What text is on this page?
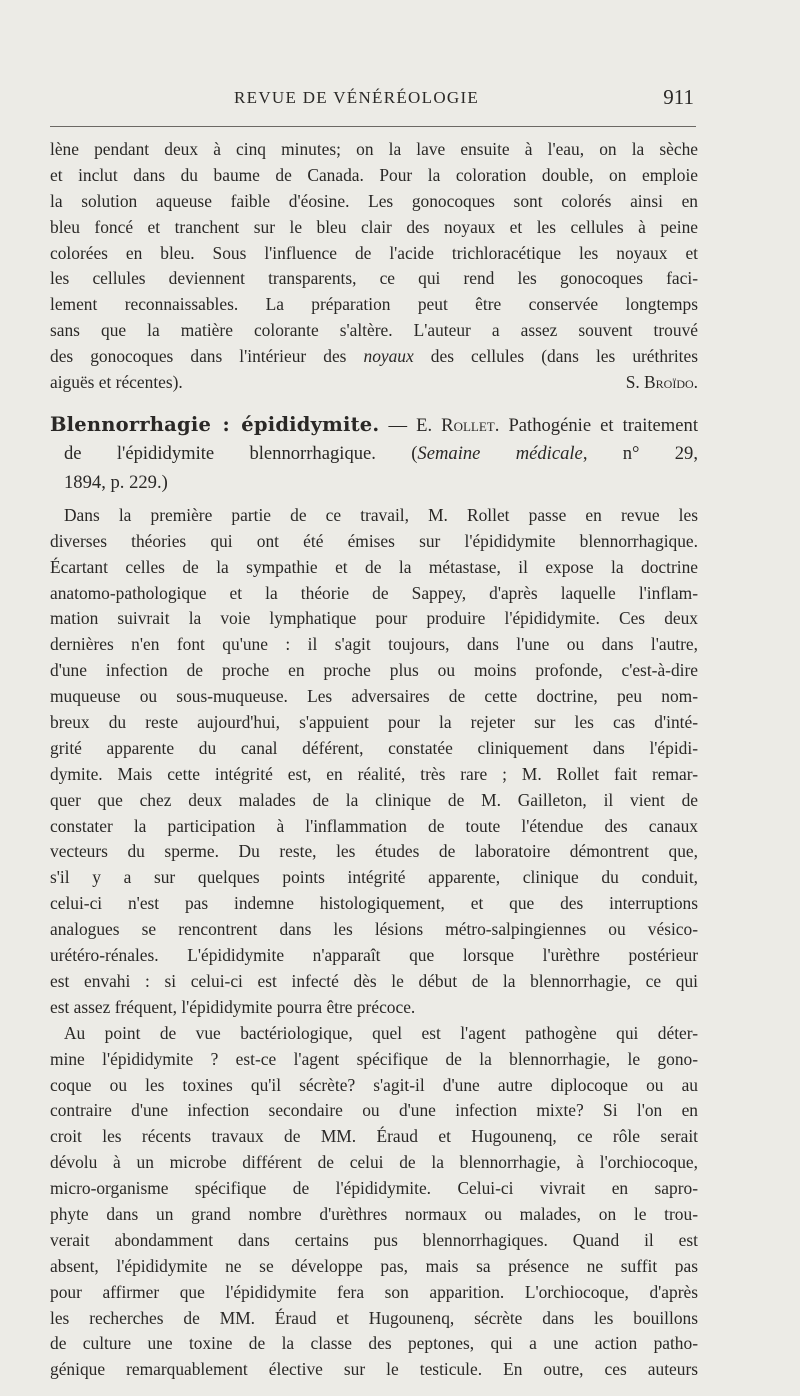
REVUE DE VÉNÉRÉOLOGIE	911
lène pendant deux à cinq minutes; on la lave ensuite à l'eau, on la sèche
et inclut dans du baume de Canada. Pour la coloration double, on emploie
la solution aqueuse faible d'éosine. Les gonocoques sont colorés ainsi en
bleu foncé et tranchent sur le bleu clair des noyaux et les cellules à peine
colorées en bleu. Sous l'influence de l'acide trichloracétique les noyaux et
les cellules deviennent transparents, ce qui rend les gonocoques faci-
lement reconnaissables. La préparation peut être conservée longtemps
sans que la matière colorante s'altère. L'auteur a assez souvent trouvé
des gonocoques dans l'intérieur des noyaux des cellules (dans les uréthrites
aiguës et récentes).	S. Broïdo.
Blennorrhagie : épididymite. — E. Rollet. Pathogénie et traitement
de l'épididymite blennorrhagique. (Semaine médicale, n° 29,
1894, p. 229.)
Dans la première partie de ce travail, M. Rollet passe en revue les
diverses théories qui ont été émises sur l'épididymite blennorrhagique.
Écartant celles de la sympathie et de la métastase, il expose la doctrine
anatomo-pathologique et la théorie de Sappey, d'après laquelle l'inflam-
mation suivrait la voie lymphatique pour produire l'épididymite. Ces deux
dernières n'en font qu'une : il s'agit toujours, dans l'une ou dans l'autre,
d'une infection de proche en proche plus ou moins profonde, c'est-à-dire
muqueuse ou sous-muqueuse. Les adversaires de cette doctrine, peu nom-
breux du reste aujourd'hui, s'appuient pour la rejeter sur les cas d'inté-
grité apparente du canal déférent, constatée cliniquement dans l'épidi-
dymite. Mais cette intégrité est, en réalité, très rare ; M. Rollet fait remar-
quer que chez deux malades de la clinique de M. Gailleton, il vient de
constater la participation à l'inflammation de toute l'étendue des canaux
vecteurs du sperme. Du reste, les études de laboratoire démontrent que,
s'il y a sur quelques points intégrité apparente, clinique du conduit,
celui-ci n'est pas indemne histologiquement, et que des interruptions
analogues se rencontrent dans les lésions métro-salpingiennes ou vésico-
urétéro-rénales. L'épididymite n'apparaît que lorsque l'urèthre postérieur
est envahi : si celui-ci est infecté dès le début de la blennorrhagie, ce qui
est assez fréquent, l'épididymite pourra être précoce.
Au point de vue bactériologique, quel est l'agent pathogène qui déter-
mine l'épididymite ? est-ce l'agent spécifique de la blennorrhagie, le gono-
coque ou les toxines qu'il sécrète? s'agit-il d'une autre diplocoque ou au
contraire d'une infection secondaire ou d'une infection mixte? Si l'on en
croit les récents travaux de MM. Éraud et Hugounenq, ce rôle serait
dévolu à un microbe différent de celui de la blennorrhagie, à l'orchiocoque,
micro-organisme spécifique de l'épididymite. Celui-ci vivrait en sapro-
phyte dans un grand nombre d'urèthres normaux ou malades, on le trou-
verait abondamment dans certains pus blennorrhagiques. Quand il est
absent, l'épididymite ne se développe pas, mais sa présence ne suffit pas
pour affirmer que l'épididymite fera son apparition. L'orchiocoque, d'après
les recherches de MM. Éraud et Hugounenq, sécrète dans les bouillons
de culture une toxine de la classe des peptones, qui a une action patho-
génique remarquablement élective sur le testicule. En outre, ces auteurs
